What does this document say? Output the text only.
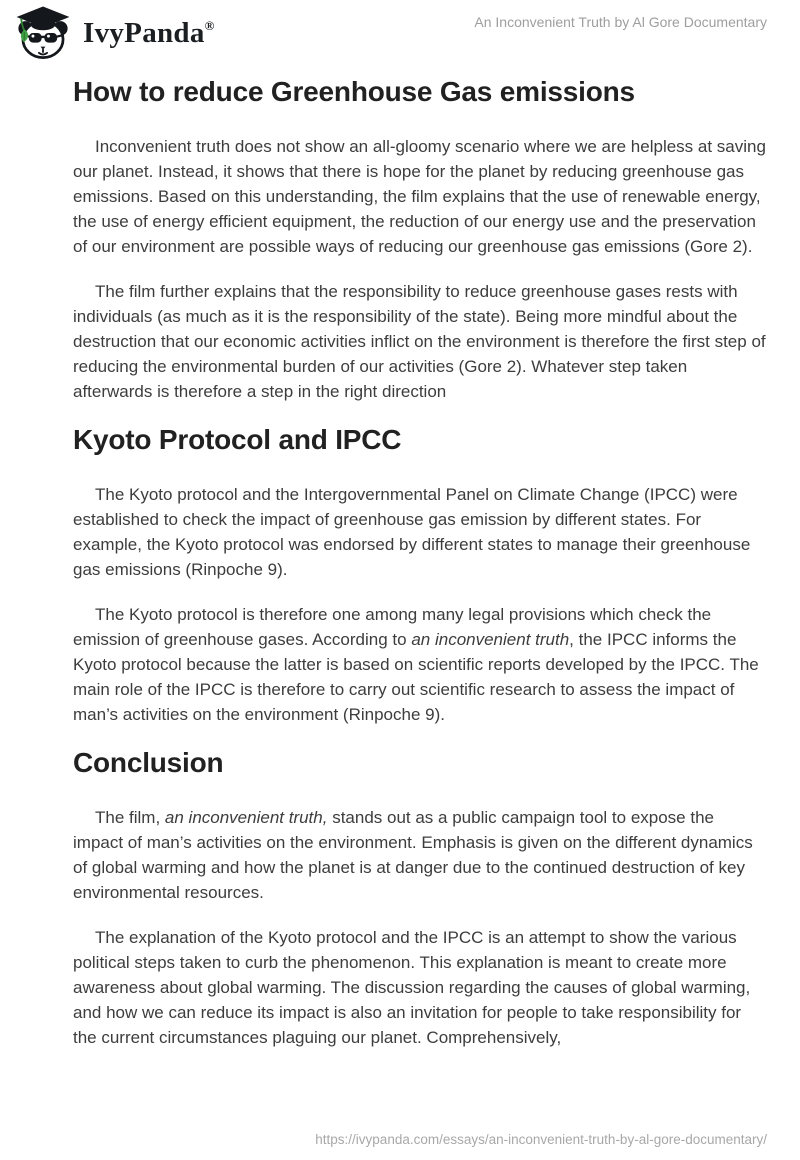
IvyPanda®	An Inconvenient Truth by Al Gore Documentary
How to reduce Greenhouse Gas emissions

Inconvenient truth does not show an all-gloomy scenario where we are helpless at saving our planet. Instead, it shows that there is hope for the planet by reducing greenhouse gas emissions. Based on this understanding, the film explains that the use of renewable energy, the use of energy efficient equipment, the reduction of our energy use and the preservation of our environment are possible ways of reducing our greenhouse gas emissions (Gore 2).

The film further explains that the responsibility to reduce greenhouse gases rests with individuals (as much as it is the responsibility of the state). Being more mindful about the destruction that our economic activities inflict on the environment is therefore the first step of reducing the environmental burden of our activities (Gore 2). Whatever step taken afterwards is therefore a step in the right direction

Kyoto Protocol and IPCC

The Kyoto protocol and the Intergovernmental Panel on Climate Change (IPCC) were established to check the impact of greenhouse gas emission by different states. For example, the Kyoto protocol was endorsed by different states to manage their greenhouse gas emissions (Rinpoche 9).

The Kyoto protocol is therefore one among many legal provisions which check the emission of greenhouse gases. According to an inconvenient truth, the IPCC informs the Kyoto protocol because the latter is based on scientific reports developed by the IPCC. The main role of the IPCC is therefore to carry out scientific research to assess the impact of man’s activities on the environment (Rinpoche 9).

Conclusion

The film, an inconvenient truth, stands out as a public campaign tool to expose the impact of man’s activities on the environment. Emphasis is given on the different dynamics of global warming and how the planet is at danger due to the continued destruction of key environmental resources.

The explanation of the Kyoto protocol and the IPCC is an attempt to show the various political steps taken to curb the phenomenon. This explanation is meant to create more awareness about global warming. The discussion regarding the causes of global warming, and how we can reduce its impact is also an invitation for people to take responsibility for the current circumstances plaguing our planet. Comprehensively,

https://ivypanda.com/essays/an-inconvenient-truth-by-al-gore-documentary/
